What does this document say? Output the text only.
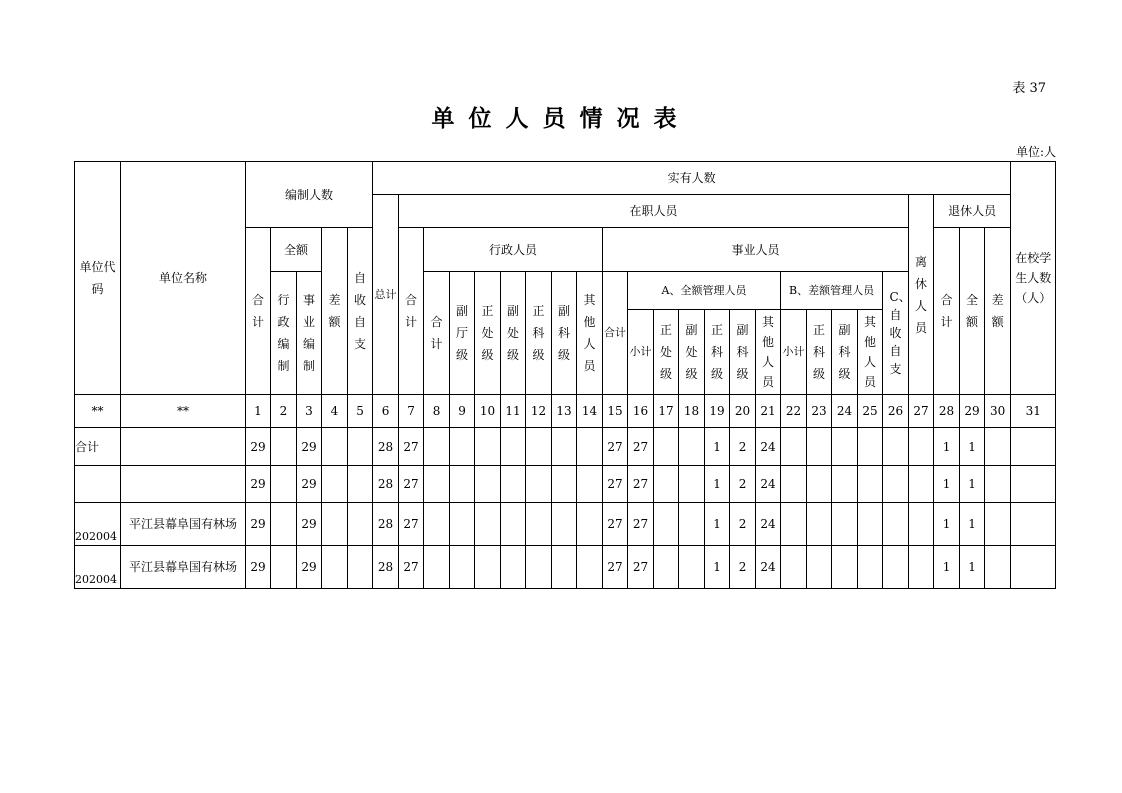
表 37
单位人员情况表
单位:人
单位代码	单位名称	编制人数					实有人数																									在校学生人数（人）

							总计	在职人员																				离休人员	退休人员			

		合计	全额		差额	自收自支		合计	行政人员							事业人员													合计	全额	差额	

			行政编制	事业编制					合计	副厅级	正处级	副处级	正科级	副科级	其他人员	合计	A、全额管理人员						B、差额管理人员				C、自收自支					

																	小计	正处级	副处级	正科级	副科级	其他人员	小计	正科级	副科级	其他人员						

**	**	1	2	3	4	5	6	7	8	9	10	11	12	13	14	15	16	17	18	19	20	21	22	23	24	25	26	27	28	29	30	31
合计		29		29			28	27								27	27			1	2	24							1	1		
		29		29			28	27								27	27			1	2	24							1	1		
202004	平江县幕阜国有林场	29		29			28	27								27	27			1	2	24							1	1		
202004	平江县幕阜国有林场	29		29			28	27								27	27			1	2	24							1	1		
